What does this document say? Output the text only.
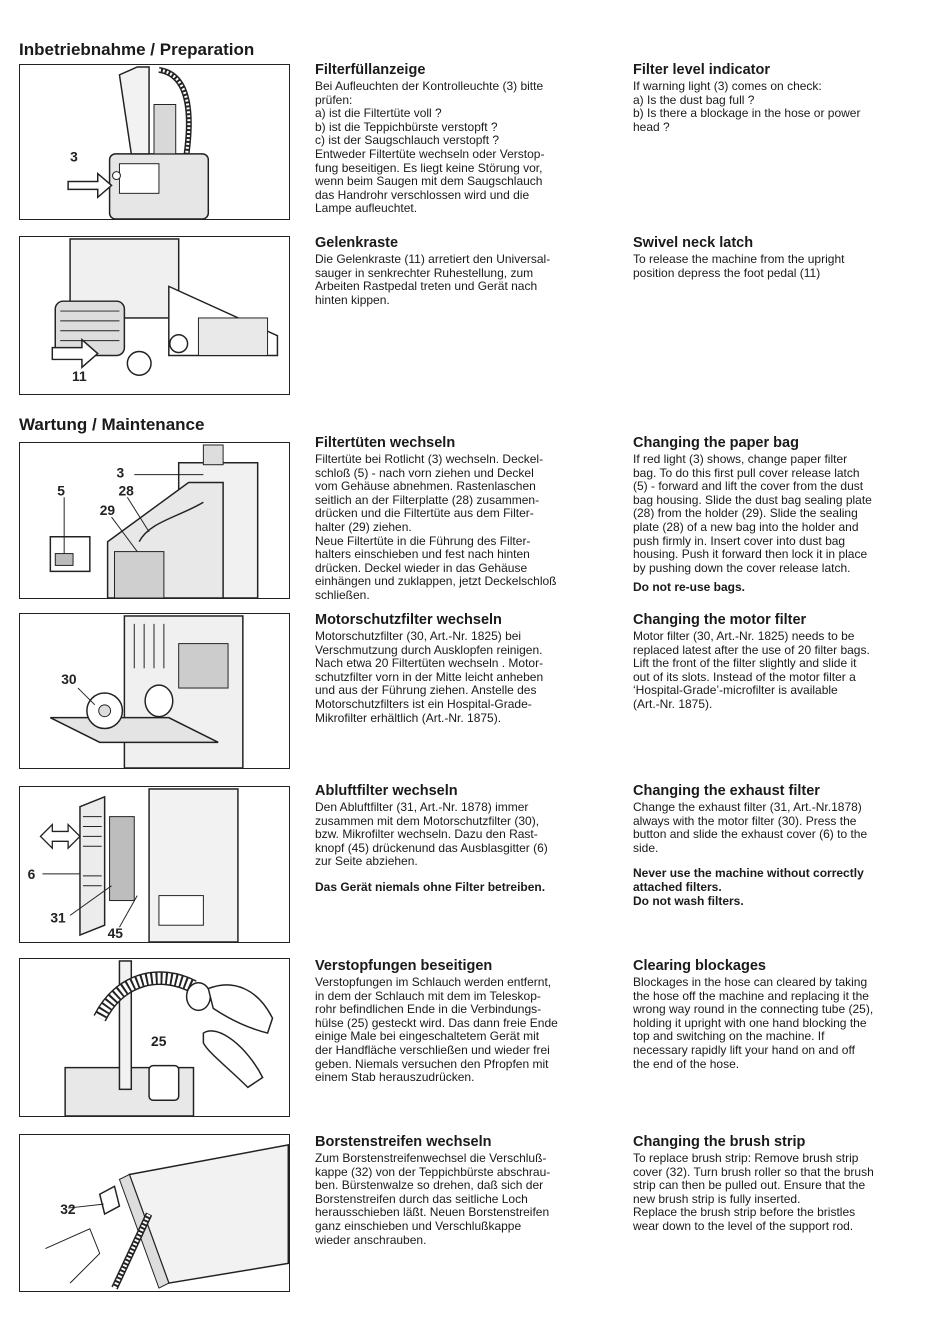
Inbetriebnahme / Preparation
Wartung / Maintenance
3
11
3
5	28
29
30
6
31
45
25
32
Filterfüllanzeige

Bei Aufleuchten der Kontrolleuchte (3) bitte
prüfen:
a) ist die Filtertüte voll ?
b) ist die Teppichbürste verstopft ?
c) ist der Saugschlauch verstopft ?
Entweder Filtertüte wechseln oder Verstop-
fung beseitigen. Es liegt keine Störung vor,
wenn beim Saugen mit dem Saugschlauch
das Handrohr verschlossen wird und die
Lampe aufleuchtet.

Filter level indicator

If warning light (3) comes on check:
a) Is the dust bag full ?
b) Is there a blockage in the hose or power
head ?

Gelenkraste

Die Gelenkraste (11) arretiert den Universal-
sauger in senkrechter Ruhestellung, zum
Arbeiten Rastpedal treten und Gerät nach
hinten kippen.

Swivel neck latch

To release the machine from the upright
position depress the foot pedal (11)

Filtertüten wechseln

Filtertüte bei Rotlicht (3) wechseln. Deckel-
schloß (5) - nach vorn ziehen und Deckel
vom Gehäuse abnehmen. Rastenlaschen
seitlich an der Filterplatte (28) zusammen-
drücken und die Filtertüte aus dem Filter-
halter (29) ziehen.
Neue Filtertüte in die Führung des Filter-
halters einschieben und fest nach hinten
drücken. Deckel wieder in das Gehäuse
einhängen und zuklappen, jetzt Deckelschloß
schließen.

Changing the paper bag

If red light (3) shows, change paper filter
bag. To do this first pull cover release latch
(5) - forward and lift the cover from the dust
bag housing. Slide the dust bag sealing plate
(28) from the holder (29). Slide the sealing
plate (28) of a new bag into the holder and
push firmly in. Insert cover into dust bag
housing. Push it forward then lock it in place
by pushing down the cover release latch.

Do not re-use bags.

Motorschutzfilter wechseln

Motorschutzfilter (30, Art.-Nr. 1825) bei
Verschmutzung durch Ausklopfen reinigen.
Nach etwa 20 Filtertüten wechseln . Motor-
schutzfilter vorn in der Mitte leicht anheben
und aus der Führung ziehen. Anstelle des
Motorschutzfilters ist ein Hospital-Grade-
Mikrofilter erhältlich (Art.-Nr. 1875).

Changing the motor filter

Motor filter (30, Art.-Nr. 1825) needs to be
replaced latest after the use of 20 filter bags.
Lift the front of the filter slightly and slide it
out of its slots. Instead of the motor filter a
‘Hospital-Grade’-microfilter is available
(Art.-Nr. 1875).

Abluftfilter wechseln

Den Abluftfilter (31, Art.-Nr. 1878) immer
zusammen mit dem Motorschutzfilter (30),
bzw. Mikrofilter wechseln. Dazu den Rast-
knopf (45) drückenund das Ausblasgitter (6)
zur Seite abziehen.

Das Gerät niemals ohne Filter betreiben.

Changing the exhaust filter

Change the exhaust filter (31, Art.-Nr.1878)
always with the motor filter (30). Press the
button and slide the exhaust cover (6) to the
side.

Never use the machine without correctly
attached filters.
Do not wash filters.

Verstopfungen beseitigen

Verstopfungen im Schlauch werden entfernt,
in dem der Schlauch mit dem im Teleskop-
rohr befindlichen Ende in die Verbindungs-
hülse (25) gesteckt wird. Das dann freie Ende
einige Male bei eingeschaltetem Gerät mit
der Handfläche verschließen und wieder frei
geben. Niemals versuchen den Pfropfen mit
einem Stab herauszudrücken.

Clearing blockages

Blockages in the hose can cleared by taking
the hose off the machine and replacing it the
wrong way round in the connecting tube (25),
holding it upright with one hand blocking the
top and switching on the machine. If
necessary rapidly lift your hand on and off
the end of the hose.

Borstenstreifen wechseln

Zum Borstenstreifenwechsel die Verschluß-
kappe (32) von der Teppichbürste abschrau-
ben. Bürstenwalze so drehen, daß sich der
Borstenstreifen durch das seitliche Loch
herausschieben läßt. Neuen Borstenstreifen
ganz einschieben und Verschlußkappe
wieder anschrauben.

Changing the brush strip

To replace brush strip: Remove brush strip
cover (32). Turn brush roller so that the brush
strip can then be pulled out. Ensure that the
new brush strip is fully inserted.
Replace the brush strip before the bristles
wear down to the level of the support rod.
